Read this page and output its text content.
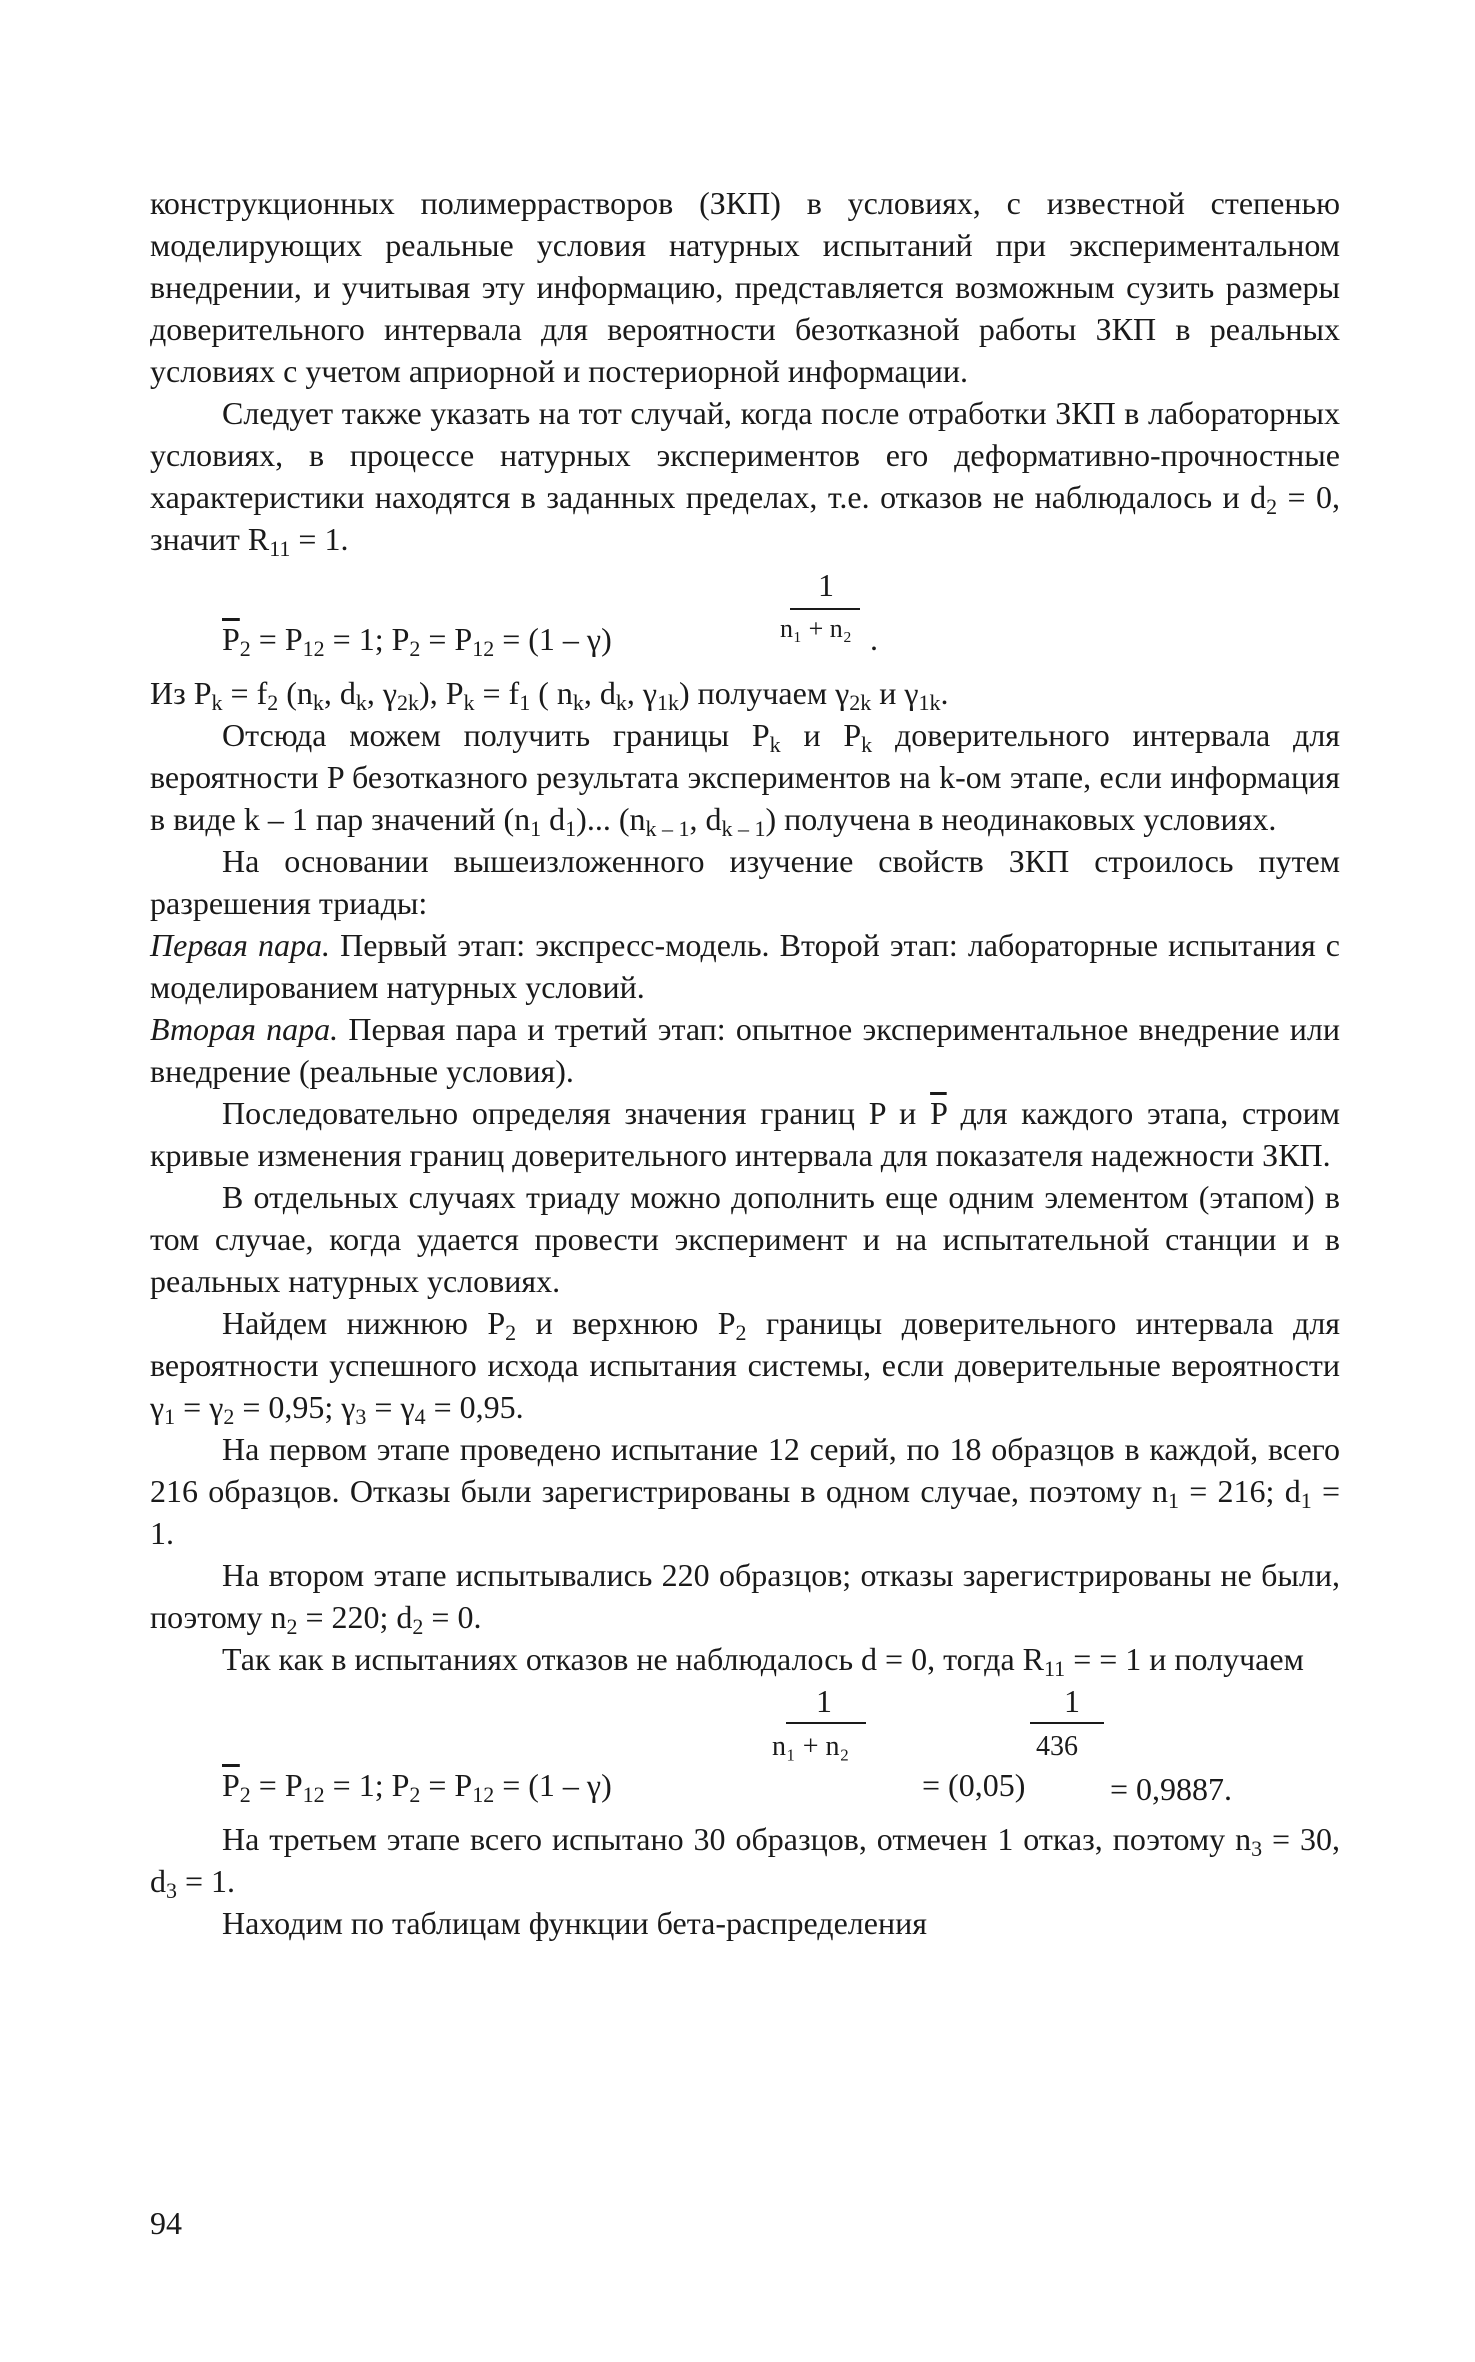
конструкционных полимеррастворов (ЗКП) в условиях, с известной степенью моделирующих реальные условия натурных испытаний при экспериментальном внедрении, и учитывая эту информацию, представляется возможным сузить размеры доверительного интервала для вероятности безотказной работы ЗКП в реальных условиях с учетом априорной и постериорной информации.

Следует также указать на тот случай, когда после отработки ЗКП в лабораторных условиях, в процессе натурных экспериментов его деформативно-прочностные характеристики находятся в заданных пределах, т.е. отказов не наблюдалось и $d_2 = 0$, значит $R_{11} = 1$.

1
$\overline{P}_2 = P_{12} = 1$; $P_2 = P_{12} = (1 - \gamma)$	n₁ + n₂ .

Из $P_k = f_2$ ($n_k$, $d_k$, $\gamma_{2k}$), $P_k = f_1$ ( $n_k$, $d_k$, $\gamma_{1k}$) получаем $\gamma_{2k}$ и $\gamma_{1k}$.

Отсюда можем получить границы $P_k$ и $P_k$ доверительного интервала для вероятности P безотказного результата экспериментов на k-ом этапе, если информация в виде k – 1 пар значений ($n_1$ $d_1$)... ($n_{k - 1}$, $d_{k - 1}$) получена в неодинаковых условиях.

На основании вышеизложенного изучение свойств ЗКП строилось путем разрешения триады:

Первая пара. Первый этап: экспресс-модель. Второй этап: лабораторные испытания с моделированием натурных условий.

Вторая пара. Первая пара и третий этап: опытное экспериментальное внедрение или внедрение (реальные условия).

Последовательно определяя значения границ P и $\overline{P}$ для каждого этапа, строим кривые изменения границ доверительного интервала для показателя надежности ЗКП.

В отдельных случаях триаду можно дополнить еще одним элементом (этапом) в том случае, когда удается провести эксперимент и на испытательной станции и в реальных натурных условиях.

Найдем нижнюю $P_2$ и верхнюю $P_2$ границы доверительного интервала для вероятности успешного исхода испытания системы, если доверительные вероятности $\gamma_1 = \gamma_2 = 0,95$; $\gamma_3 = \gamma_4 = 0,95$.

На первом этапе проведено испытание 12 серий, по 18 образцов в каждой, всего 216 образцов. Отказы были зарегистрированы в одном случае, поэтому $n_1 = 216$; $d_1 = 1$.

На втором этапе испытывались 220 образцов; отказы зарегистрированы не были, поэтому $n_2 = 220$; $d_2 = 0$.

Так как в испытаниях отказов не наблюдалось d = 0, тогда $R_{11}$ = = 1 и получаем

1
n₁ + n₂
1
436
$\overline{P}_2 = P_{12} = 1$; $P_2 = P_{12} = (1 - \gamma)$	= (0,05)	= 0,9887.

На третьем этапе всего испытано 30 образцов, отмечен 1 отказ, поэтому $n_3 = 30$, $d_3 = 1$.

Находим по таблицам функции бета-распределения

94
